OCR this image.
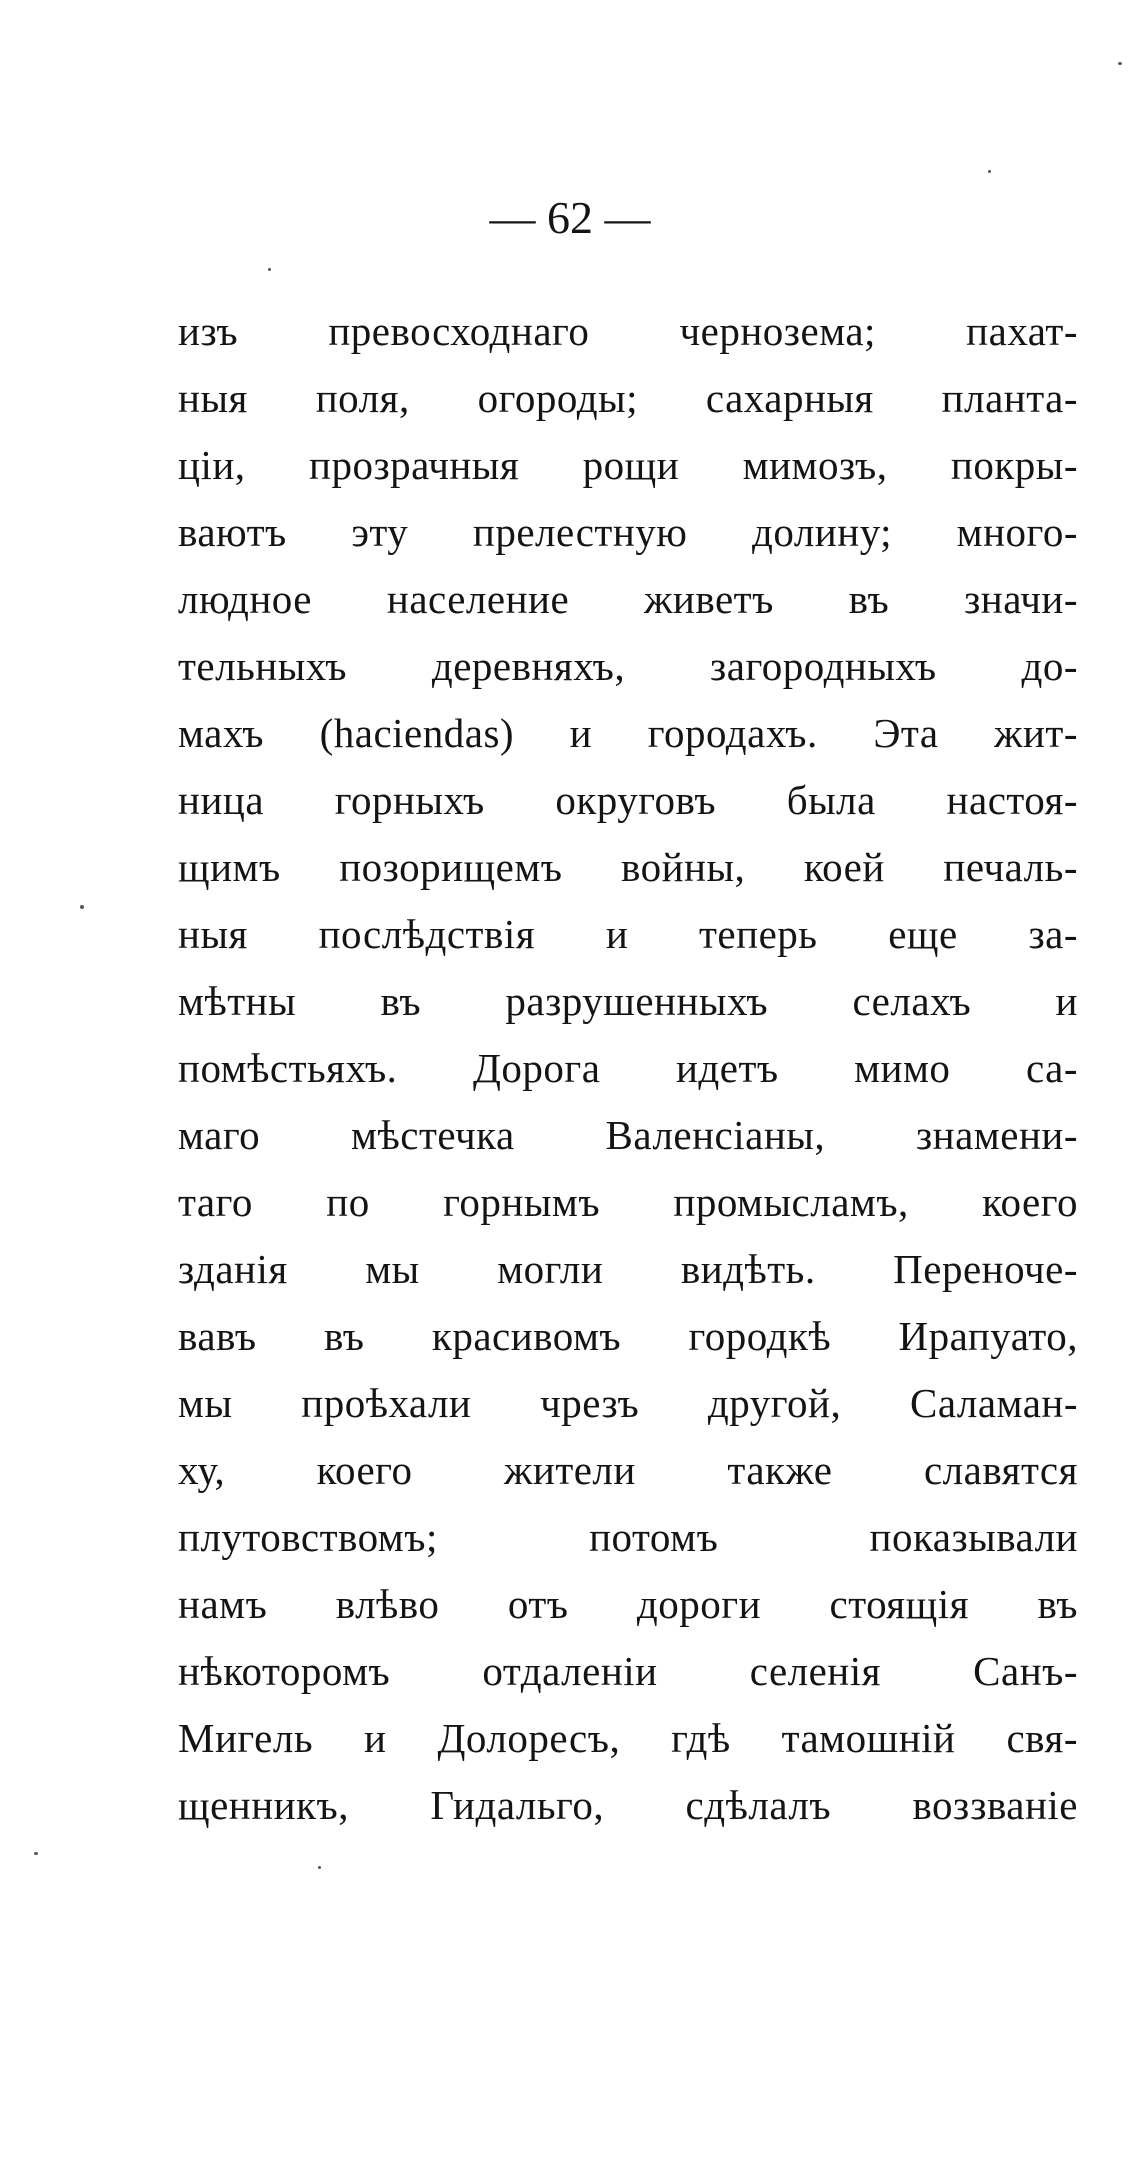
— 62 —
изъ превосходнаго чернозема; пахат-
ныя поля, огороды; сахарныя планта-
ціи, прозрачныя рощи мимозъ, покры-
ваютъ эту прелестную долину; много-
людное население живетъ въ значи-
тельныхъ деревняхъ, загородныхъ до-
махъ (haciendas) и городахъ. Эта жит-
ница горныхъ округовъ была настоя-
щимъ позорищемъ войны, коей печаль-
ныя послѣдствія и теперь еще за-
мѣтны въ разрушенныхъ селахъ и
помѣстьяхъ. Дорога идетъ мимо са-
маго мѣстечка Валенсіаны, знамени-
таго по горнымъ промысламъ, коего
зданія мы могли видѣть. Переноче-
вавъ въ красивомъ городкѣ Ирапуато,
мы проѣхали чрезъ другой, Саламан-
ху, коего жители также славятся
плутовствомъ; потомъ показывали
намъ влѣво отъ дороги стоящія въ
нѣкоторомъ отдаленіи селенія Санъ-
Мигель и Долоресъ, гдѣ тамошній свя-
щенникъ, Гидальго, сдѣлалъ воззваніе
